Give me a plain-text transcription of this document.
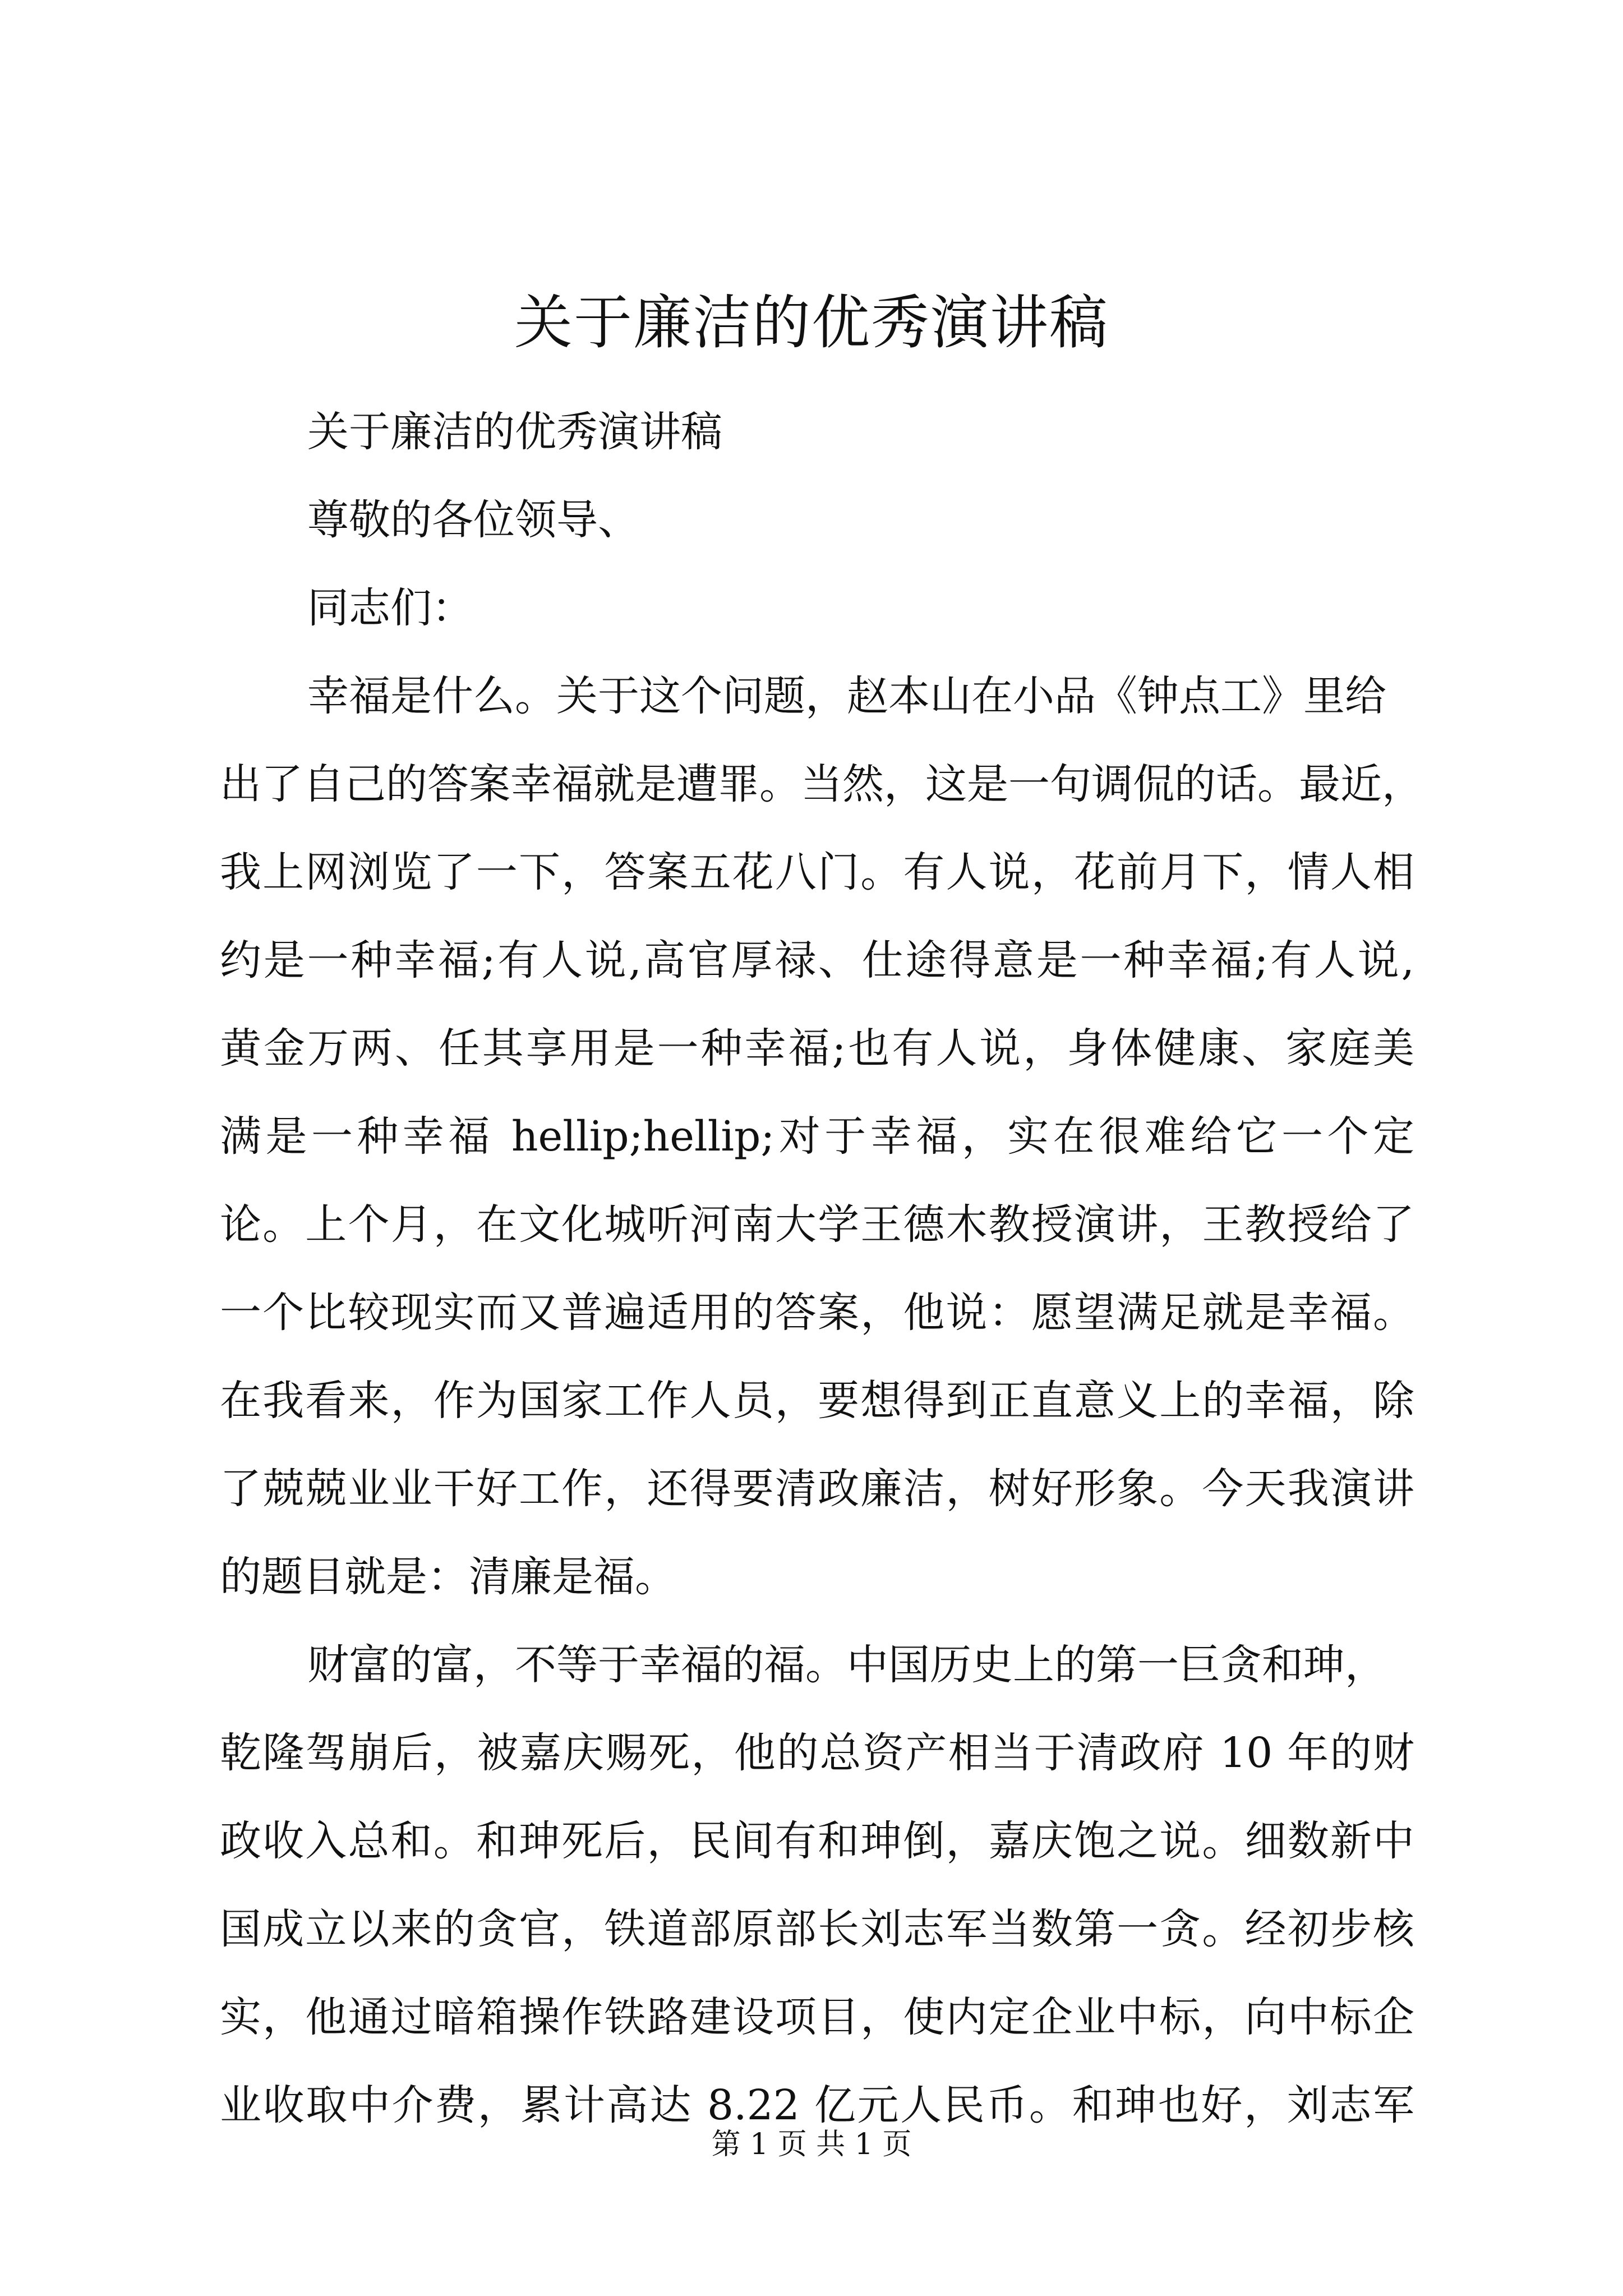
关于廉洁的优秀演讲稿
关于廉洁的优秀演讲稿
尊敬的各位领导、
同志们：
幸福是什么。关于这个问题，赵本山在小品《钟点工》里给
出了自己的答案幸福就是遭罪。当然，这是一句调侃的话。最近，
我上网浏览了一下，答案五花八门。有人说，花前月下，情人相
约是一种幸福;有人说,高官厚禄、仕途得意是一种幸福;有人说,
黄金万两、任其享用是一种幸福;也有人说，身体健康、家庭美
满是一种幸福 hellip;hellip;对于幸福，实在很难给它一个定
论。上个月，在文化城听河南大学王德木教授演讲，王教授给了
一个比较现实而又普遍适用的答案，他说：愿望满足就是幸福。
在我看来，作为国家工作人员，要想得到正直意义上的幸福，除
了兢兢业业干好工作，还得要清政廉洁，树好形象。今天我演讲
的题目就是：清廉是福。
财富的富，不等于幸福的福。中国历史上的第一巨贪和珅，
乾隆驾崩后，被嘉庆赐死，他的总资产相当于清政府 10 年的财
政收入总和。和珅死后，民间有和珅倒，嘉庆饱之说。细数新中
国成立以来的贪官，铁道部原部长刘志军当数第一贪。经初步核
实，他通过暗箱操作铁路建设项目，使内定企业中标，向中标企
业收取中介费，累计高达 8.22 亿元人民币。和珅也好，刘志军
第 1 页 共 1 页
